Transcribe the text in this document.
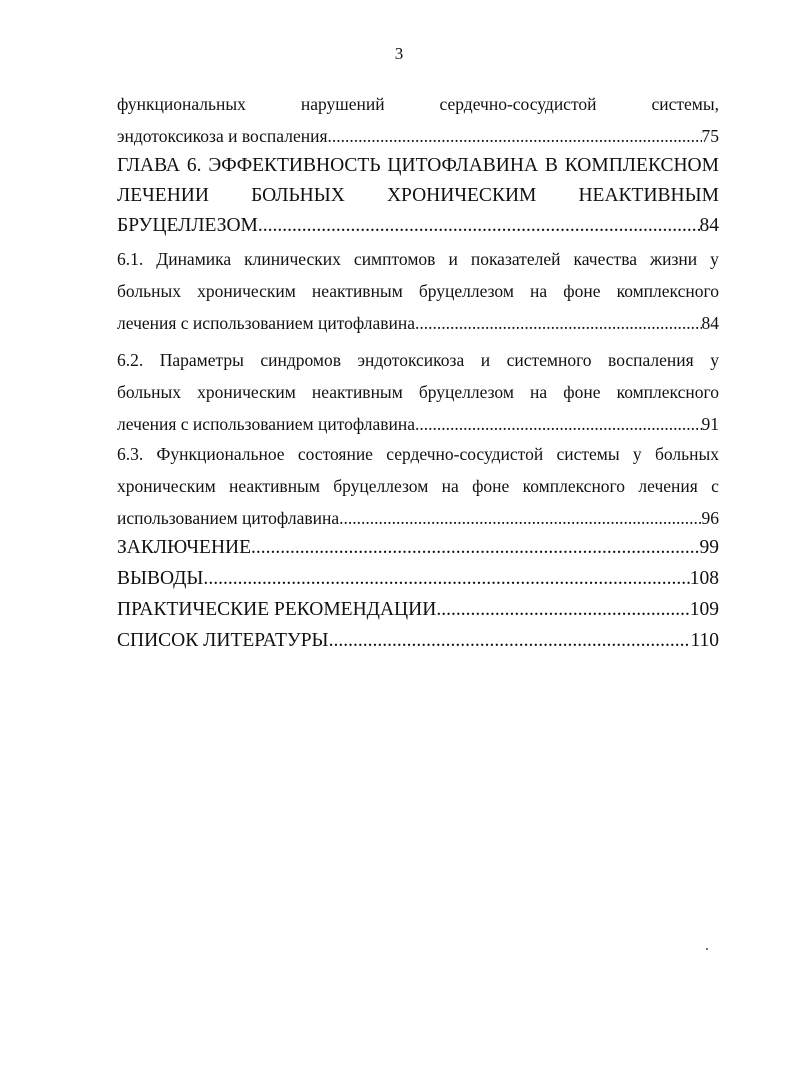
3
функциональных	нарушений	сердечно-сосудистой	системы,
эндотоксикоза и воспаления. .....	75
ГЛАВА 6. ЭФФЕКТИВНОСТЬ ЦИТОФЛАВИНА В КОМПЛЕКСНОМ
ЛЕЧЕНИИ БОЛЬНЫХ ХРОНИЧЕСКИМ НЕАКТИВНЫМ
БРУЦЕЛЛЕЗОМ .....	84
6.1. Динамика клинических симптомов и показателей качества жизни у
больных хроническим неактивным бруцеллезом на фоне комплексного
лечения с использованием цитофлавина .....	84
6.2. Параметры синдромов эндотоксикоза и системного воспаления у
больных хроническим неактивным бруцеллезом на фоне комплексного
лечения с использованием цитофлавина .....	91
6.3. Функциональное состояние сердечно-сосудистой системы у больных
хроническим неактивным бруцеллезом на фоне комплексного лечения с
использованием цитофлавина .....	96
ЗАКЛЮЧЕНИЕ .....	99
ВЫВОДЫ. .....	108
ПРАКТИЧЕСКИЕ РЕКОМЕНДАЦИИ .....	109
СПИСОК ЛИТЕРАТУРЫ .....	110
